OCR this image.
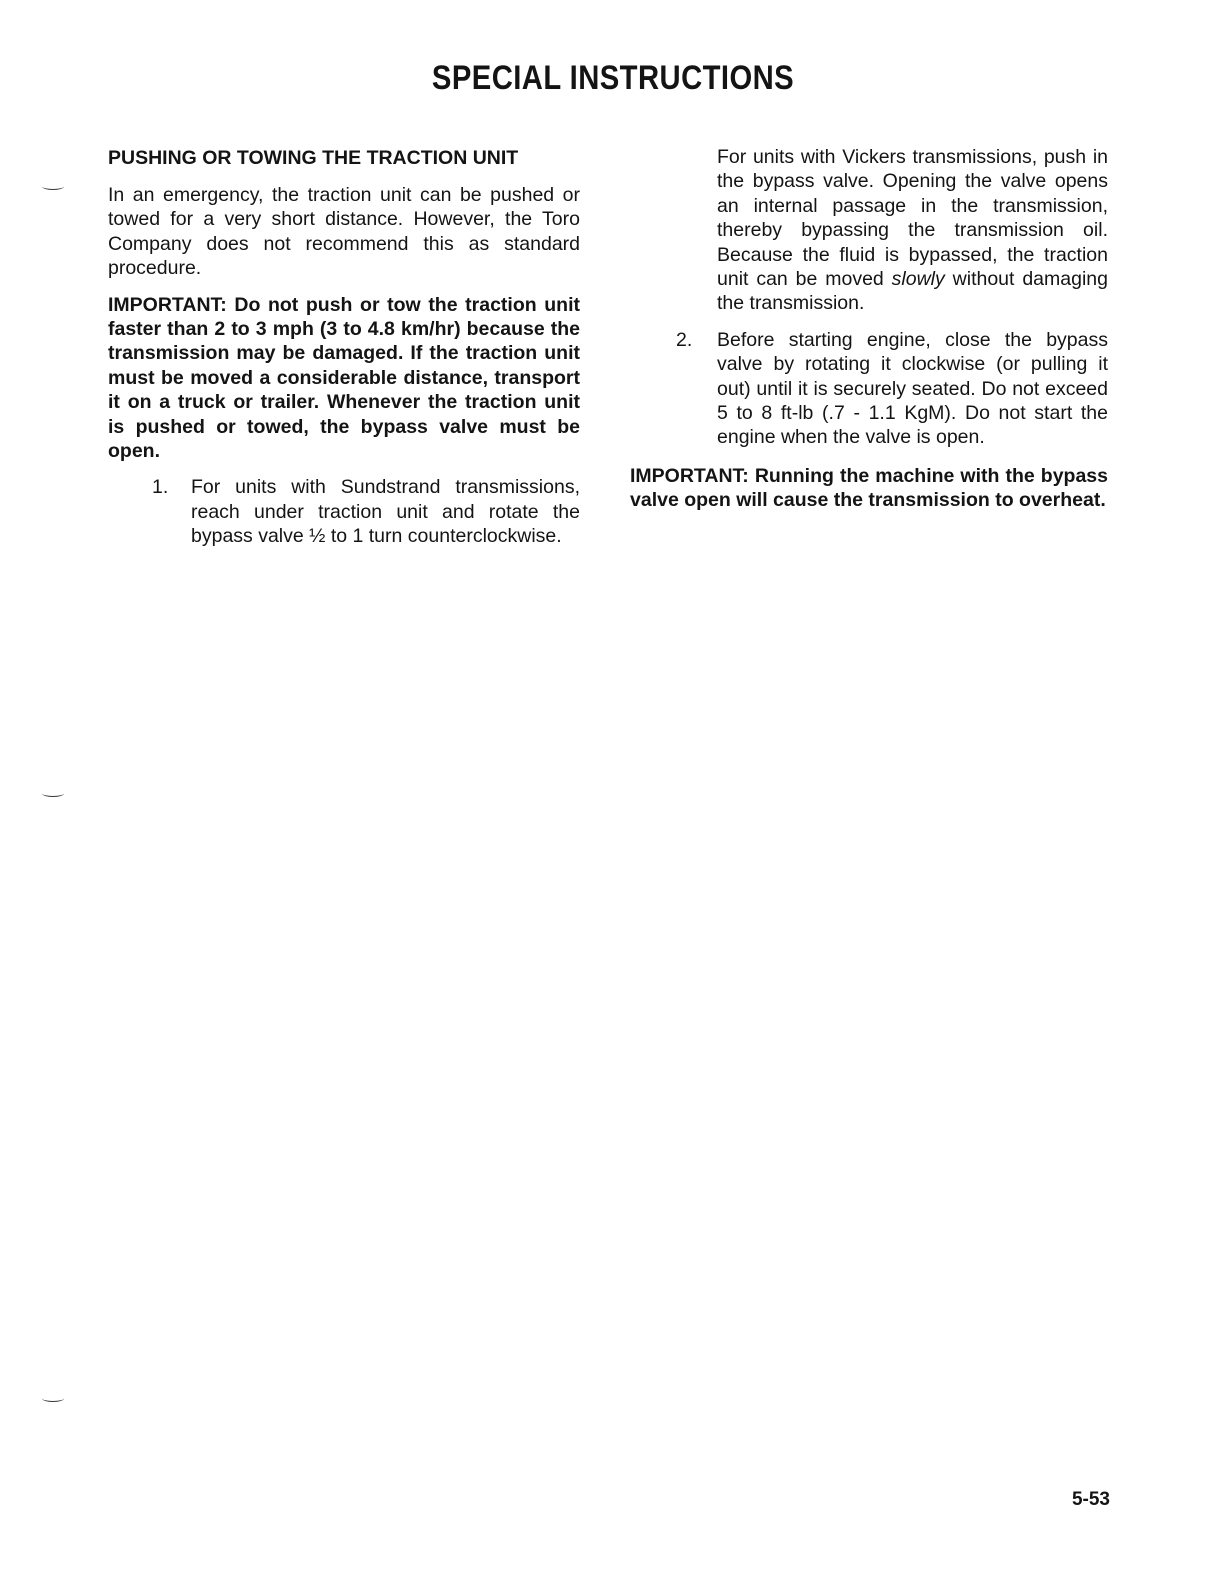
SPECIAL INSTRUCTIONS
PUSHING OR TOWING THE TRACTION UNIT

In an emergency, the traction unit can be pushed or towed for a very short distance. However, the Toro Company does not recommend this as standard procedure.

IMPORTANT: Do not push or tow the traction unit faster than 2 to 3 mph (3 to 4.8 km/hr) because the transmission may be damaged. If the traction unit must be moved a considerable distance, transport it on a truck or trailer. Whenever the traction unit is pushed or towed, the bypass valve must be open.

1. For units with Sundstrand transmissions, reach under traction unit and rotate the bypass valve ½ to 1 turn counterclockwise.

For units with Vickers transmissions, push in the bypass valve. Opening the valve opens an internal passage in the transmission, thereby bypassing the transmission oil. Because the fluid is bypassed, the traction unit can be moved slowly without damaging the transmission.

2. Before starting engine, close the bypass valve by rotating it clockwise (or pulling it out) until it is securely seated. Do not exceed 5 to 8 ft-lb (.7 - 1.1 KgM). Do not start the engine when the valve is open.

IMPORTANT: Running the machine with the bypass valve open will cause the transmission to overheat.

5-53
